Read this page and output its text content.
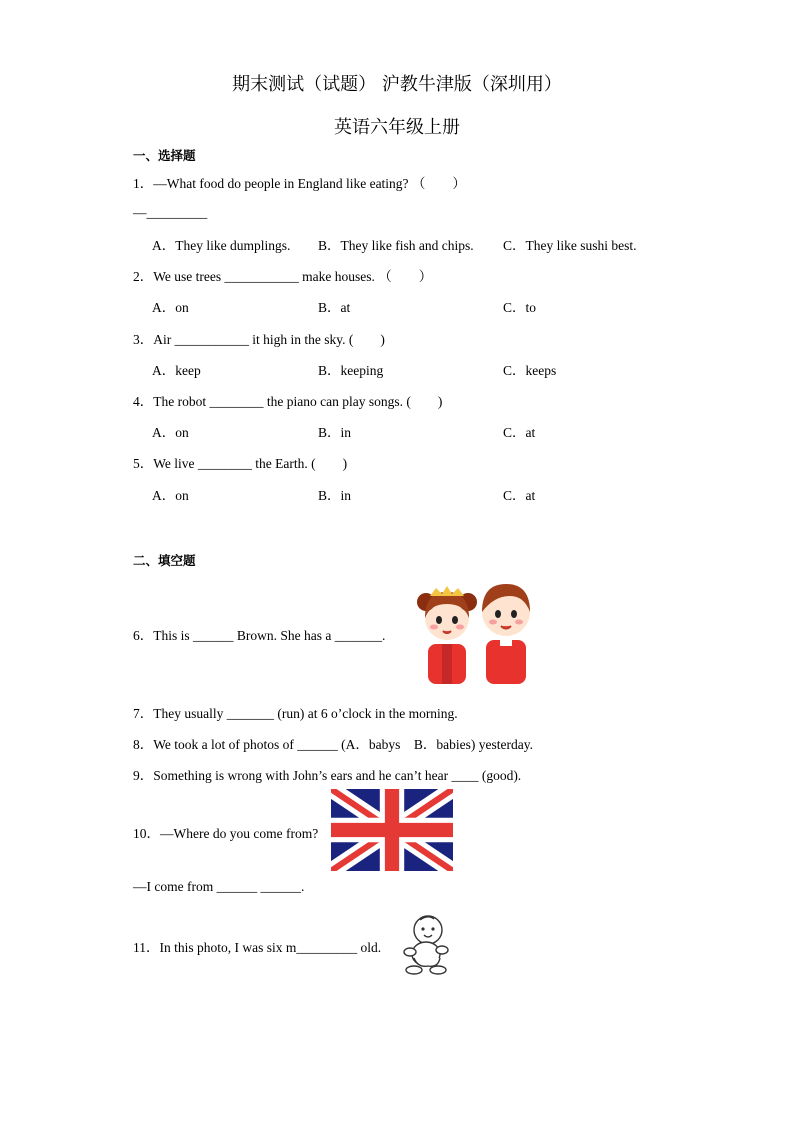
期末测试（试题） 沪教牛津版（深圳用）
英语六年级上册
一、选择题
1．—What food do people in England like eating? （　　）
—_________
A．They like dumplings. B．They like fish and chips. C．They like sushi best.
2．We use trees ___________ make houses. （　　）
A．on	B．at	C．to
3．Air ___________ it high in the sky. (　　)
A．keep	B．keeping	C．keeps
4．The robot ________ the piano can play songs. (　　)
A．on	B．in	C．at
5．We live ________ the Earth. (　　)
A．on	B．in	C．at
二、填空题
6．This is ______ Brown. She has a _______.
7．They usually _______ (run) at 6 o’clock in the morning.
8．We took a lot of photos of ______ (A．babys　B．babies) yesterday.
9．Something is wrong with John’s ears and he can’t hear ____ (good).
10．—Where do you come from?
—I come from ______ ______.
11．In this photo, I was six m_________ old.
